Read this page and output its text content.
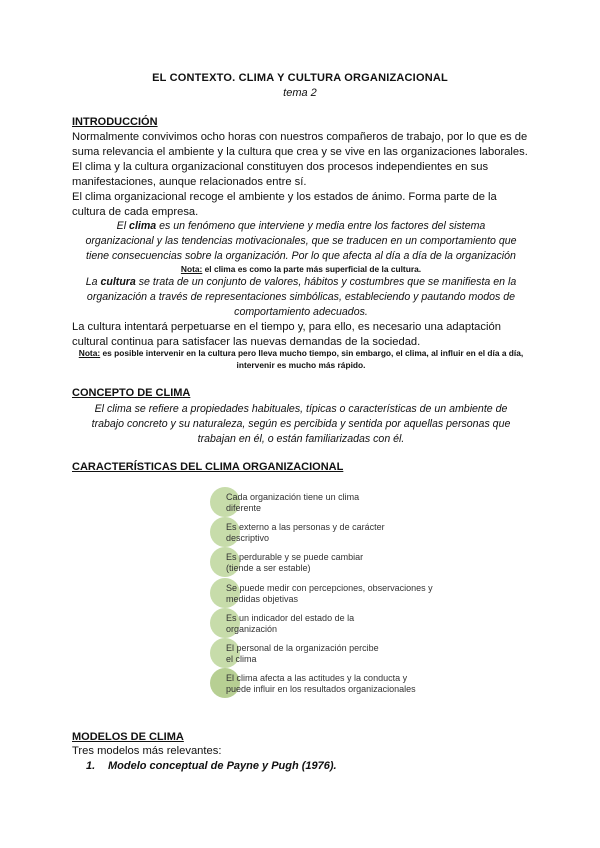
EL CONTEXTO. CLIMA Y CULTURA ORGANIZACIONAL
tema 2
INTRODUCCIÓN
Normalmente convivimos ocho horas con nuestros compañeros de trabajo, por lo que es de
suma relevancia el ambiente y la cultura que crea y se vive en las organizaciones laborales.
El clima y la cultura organizacional constituyen dos procesos independientes en sus
manifestaciones, aunque relacionados entre sí.
El clima organizacional recoge el ambiente y los estados de ánimo. Forma parte de la
cultura de cada empresa.
El clima es un fenómeno que interviene y media entre los factores del sistema
organizacional y las tendencias motivacionales, que se traducen en un comportamiento que
tiene consecuencias sobre la organización. Por lo que afecta al día a día de la organización
Nota: el clima es como la parte más superficial de la cultura.
La cultura se trata de un conjunto de valores, hábitos y costumbres que se manifiesta en la
organización a través de representaciones simbólicas, estableciendo y pautando modos de
comportamiento adecuados.
La cultura intentará perpetuarse en el tiempo y, para ello, es necesario una adaptación
cultural continua para satisfacer las nuevas demandas de la sociedad.
Nota: es posible intervenir en la cultura pero lleva mucho tiempo, sin embargo, el clima, al influir en el día a día,
intervenir es mucho más rápido.
CONCEPTO DE CLIMA
El clima se refiere a propiedades habituales, típicas o características de un ambiente de
trabajo concreto y su naturaleza, según es percibida y sentida por aquellas personas que
trabajan en él, o están familiarizadas con él.
CARACTERÍSTICAS DEL CLIMA ORGANIZACIONAL
Cada organización tiene un clima
diferente
Es externo a las personas y de carácter
descriptivo
Es perdurable y se puede cambiar
(tiende a ser estable)
Se puede medir con percepciones, observaciones y
medidas objetivas
Es un indicador del estado de la
organización
El personal de la organización percibe
el clima
El clima afecta a las actitudes y la conducta y
puede influir en los resultados organizacionales
MODELOS DE CLIMA
Tres modelos más relevantes:
1. Modelo conceptual de Payne y Pugh (1976).
